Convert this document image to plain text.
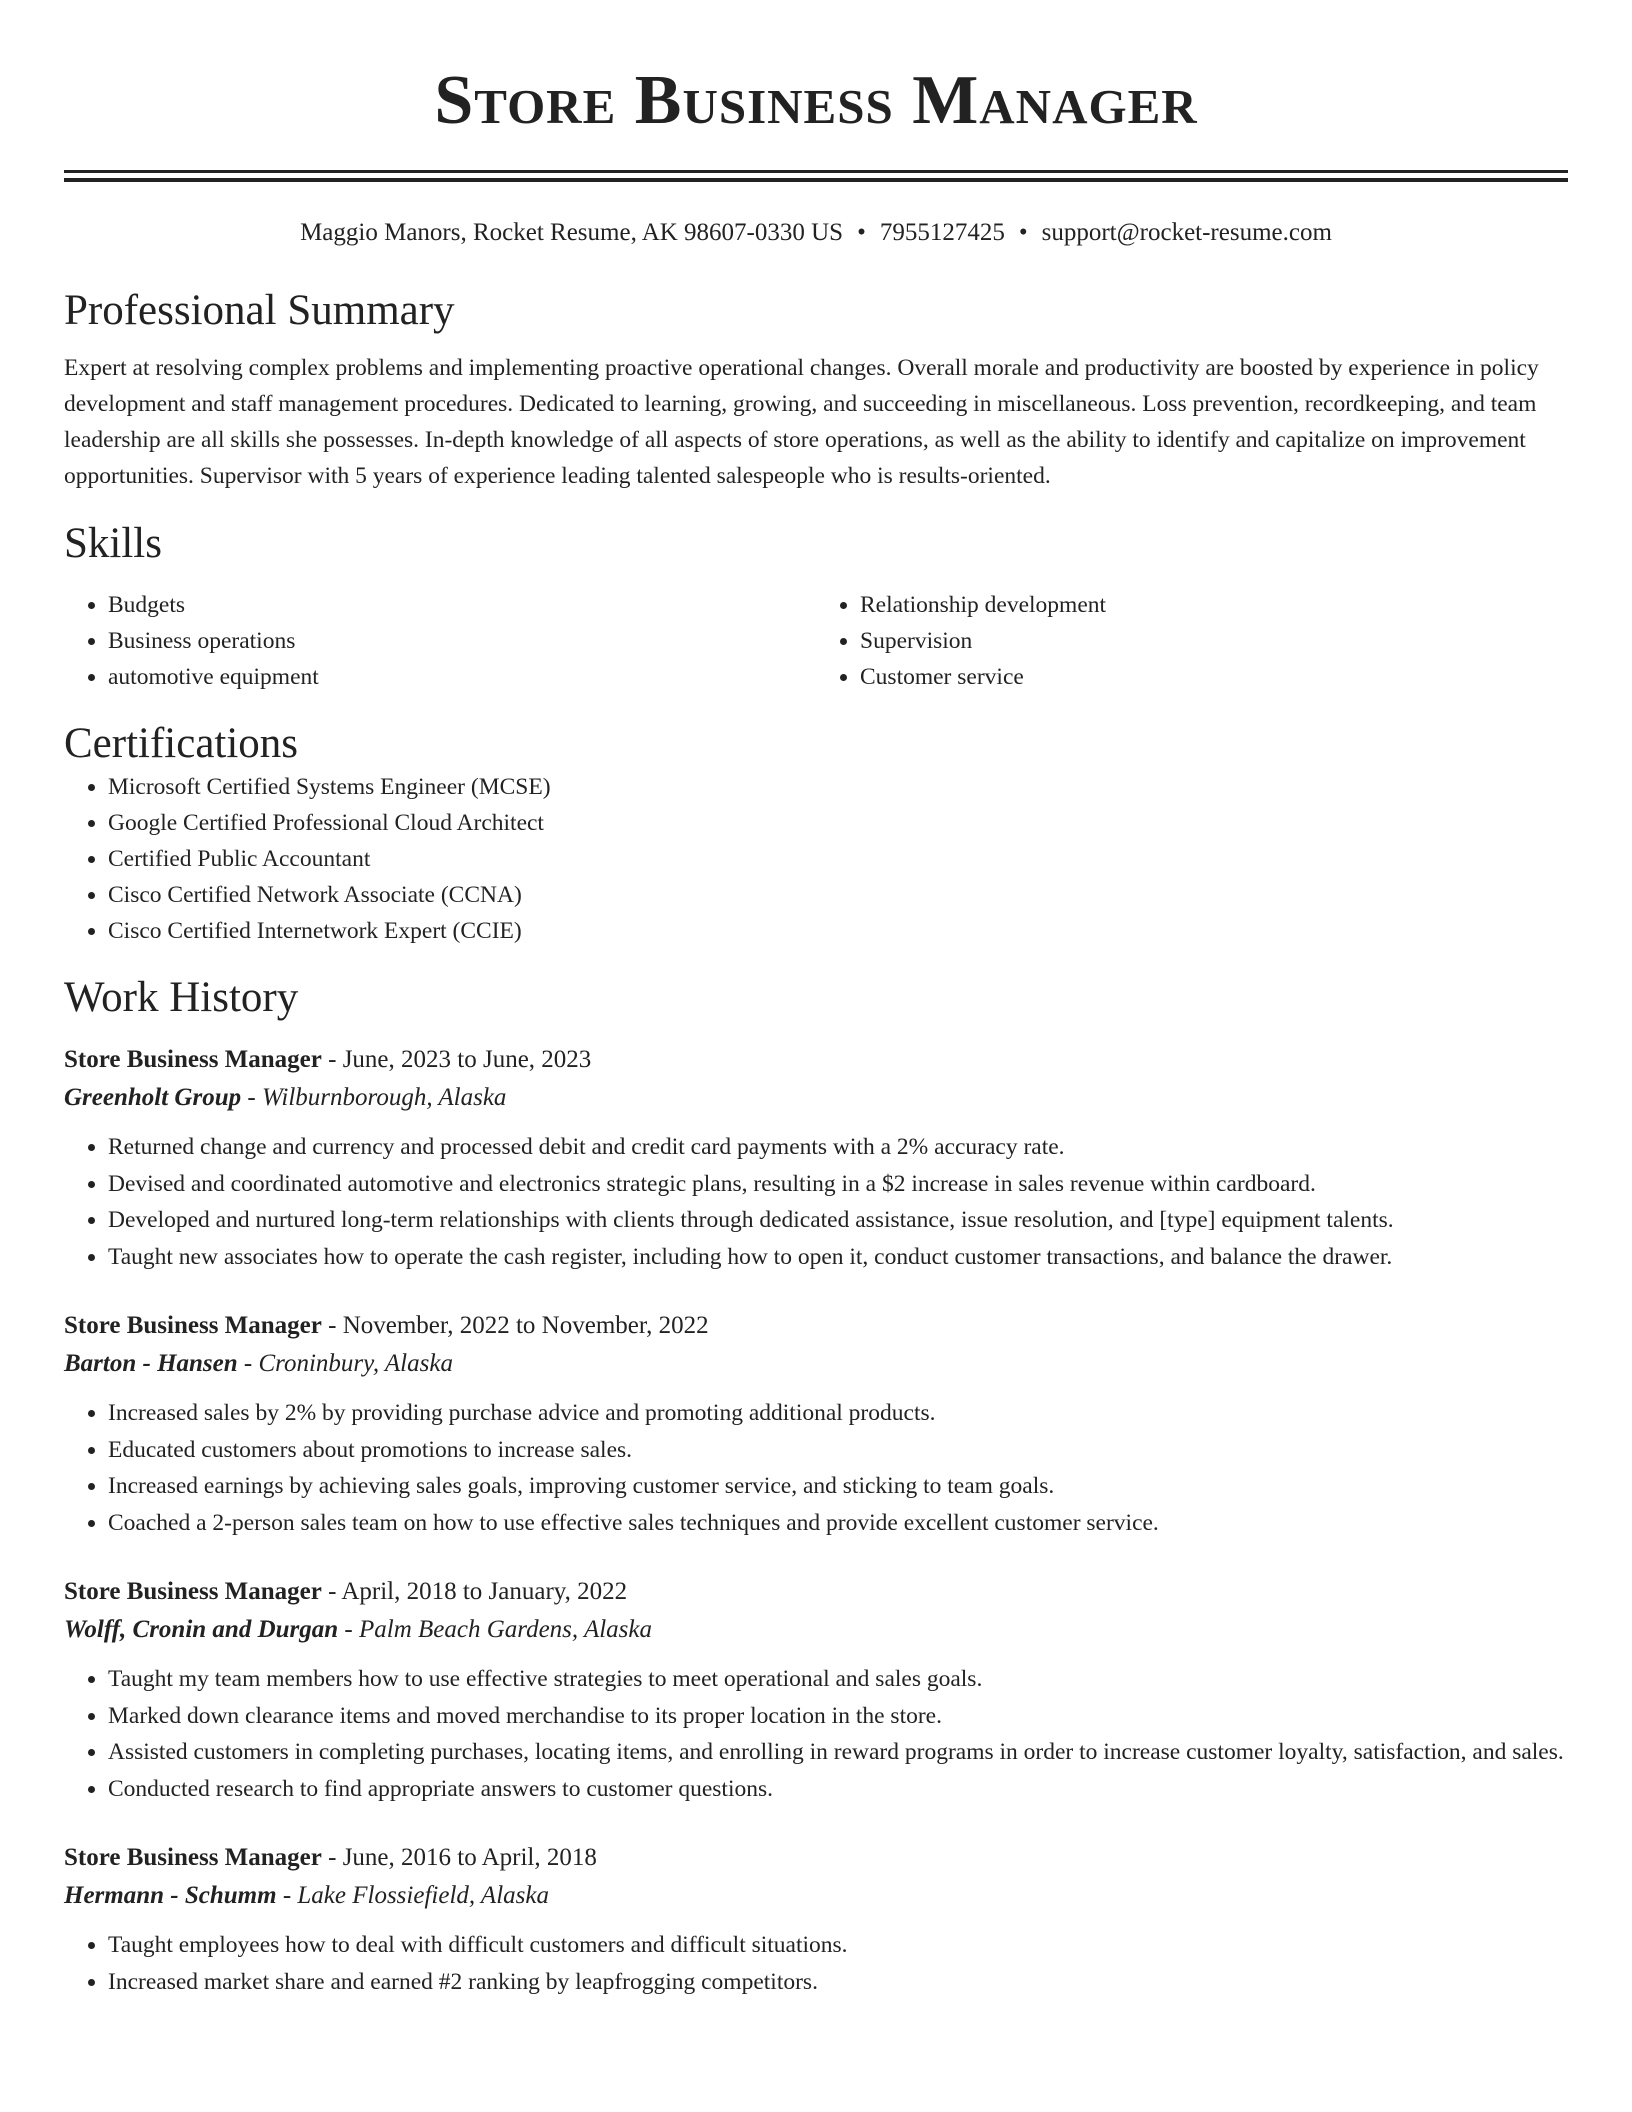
Store Business Manager
Maggio Manors, Rocket Resume, AK 98607-0330 US • 7955127425 • support@rocket-resume.com
Professional Summary

Expert at resolving complex problems and implementing proactive operational changes. Overall morale and productivity are boosted by experience in policy development and staff management procedures. Dedicated to learning, growing, and succeeding in miscellaneous. Loss prevention, recordkeeping, and team leadership are all skills she possesses. In-depth knowledge of all aspects of store operations, as well as the ability to identify and capitalize on improvement opportunities. Supervisor with 5 years of experience leading talented salespeople who is results-oriented.

Skills
• Budgets
• Business operations
• automotive equipment
• Relationship development
• Supervision
• Customer service
Certifications
• Microsoft Certified Systems Engineer (MCSE)
• Google Certified Professional Cloud Architect
• Certified Public Accountant
• Cisco Certified Network Associate (CCNA)
• Cisco Certified Internetwork Expert (CCIE)
Work History
Store Business Manager - June, 2023 to June, 2023
Greenholt Group - Wilburnborough, Alaska
• Returned change and currency and processed debit and credit card payments with a 2% accuracy rate.
• Devised and coordinated automotive and electronics strategic plans, resulting in a $2 increase in sales revenue within cardboard.
• Developed and nurtured long-term relationships with clients through dedicated assistance, issue resolution, and [type] equipment talents.
• Taught new associates how to operate the cash register, including how to open it, conduct customer transactions, and balance the drawer.
Store Business Manager - November, 2022 to November, 2022
Barton - Hansen - Croninbury, Alaska
• Increased sales by 2% by providing purchase advice and promoting additional products.
• Educated customers about promotions to increase sales.
• Increased earnings by achieving sales goals, improving customer service, and sticking to team goals.
• Coached a 2-person sales team on how to use effective sales techniques and provide excellent customer service.
Store Business Manager - April, 2018 to January, 2022
Wolff, Cronin and Durgan - Palm Beach Gardens, Alaska
• Taught my team members how to use effective strategies to meet operational and sales goals.
• Marked down clearance items and moved merchandise to its proper location in the store.
• Assisted customers in completing purchases, locating items, and enrolling in reward programs in order to increase customer loyalty, satisfaction, and sales.
• Conducted research to find appropriate answers to customer questions.
Store Business Manager - June, 2016 to April, 2018
Hermann - Schumm - Lake Flossiefield, Alaska
• Taught employees how to deal with difficult customers and difficult situations.
• Increased market share and earned #2 ranking by leapfrogging competitors.
